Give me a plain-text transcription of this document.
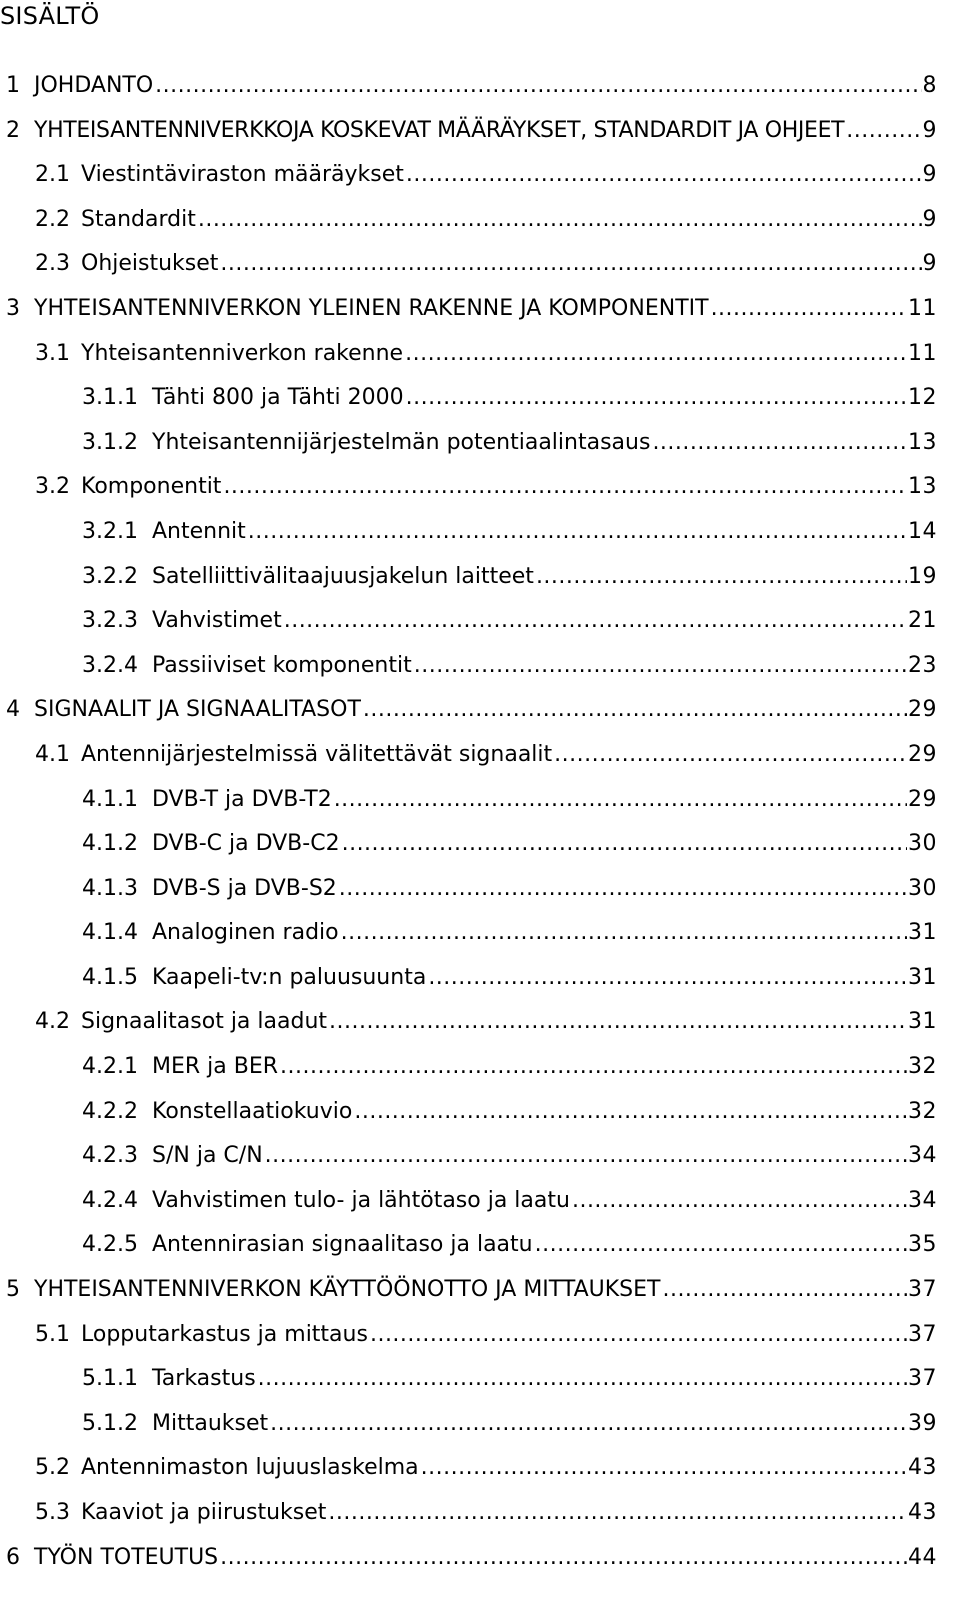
SISÄLTÖ
1 JOHDANTO .....	8
2 YHTEISANTENNIVERKKOJA KOSKEVAT MÄÄRÄYKSET, STANDARDIT JA OHJEET .....	9
2.1 Viestintäviraston määräykset .....	9
2.2 Standardit .....	9
2.3 Ohjeistukset .....	9
3 YHTEISANTENNIVERKON YLEINEN RAKENNE JA KOMPONENTIT .....	11
3.1 Yhteisantenniverkon rakenne .....	11
3.1.1 Tähti 800 ja Tähti 2000 .....	12
3.1.2 Yhteisantennijärjestelmän potentiaalintasaus .....	13
3.2 Komponentit .....	13
3.2.1 Antennit .....	14
3.2.2 Satelliittivälitaajuusjakelun laitteet .....	19
3.2.3 Vahvistimet .....	21
3.2.4 Passiiviset komponentit .....	23
4 SIGNAALIT JA SIGNAALITASOT .....	29
4.1 Antennijärjestelmissä välitettävät signaalit .....	29
4.1.1 DVB-T ja DVB-T2 .....	29
4.1.2 DVB-C ja DVB-C2 .....	30
4.1.3 DVB-S ja DVB-S2 .....	30
4.1.4 Analoginen radio .....	31
4.1.5 Kaapeli-tv:n paluusuunta .....	31
4.2 Signaalitasot ja laadut .....	31
4.2.1 MER ja BER .....	32
4.2.2 Konstellaatiokuvio .....	32
4.2.3 S/N ja C/N .....	34
4.2.4 Vahvistimen tulo- ja lähtötaso ja laatu .....	34
4.2.5 Antennirasian signaalitaso ja laatu .....	35
5 YHTEISANTENNIVERKON KÄYTTÖÖNOTTO JA MITTAUKSET .....	37
5.1 Lopputarkastus ja mittaus .....	37
5.1.1 Tarkastus .....	37
5.1.2 Mittaukset .....	39
5.2 Antennimaston lujuuslaskelma .....	43
5.3 Kaaviot ja piirustukset .....	43
6 TYÖN TOTEUTUS .....	44
